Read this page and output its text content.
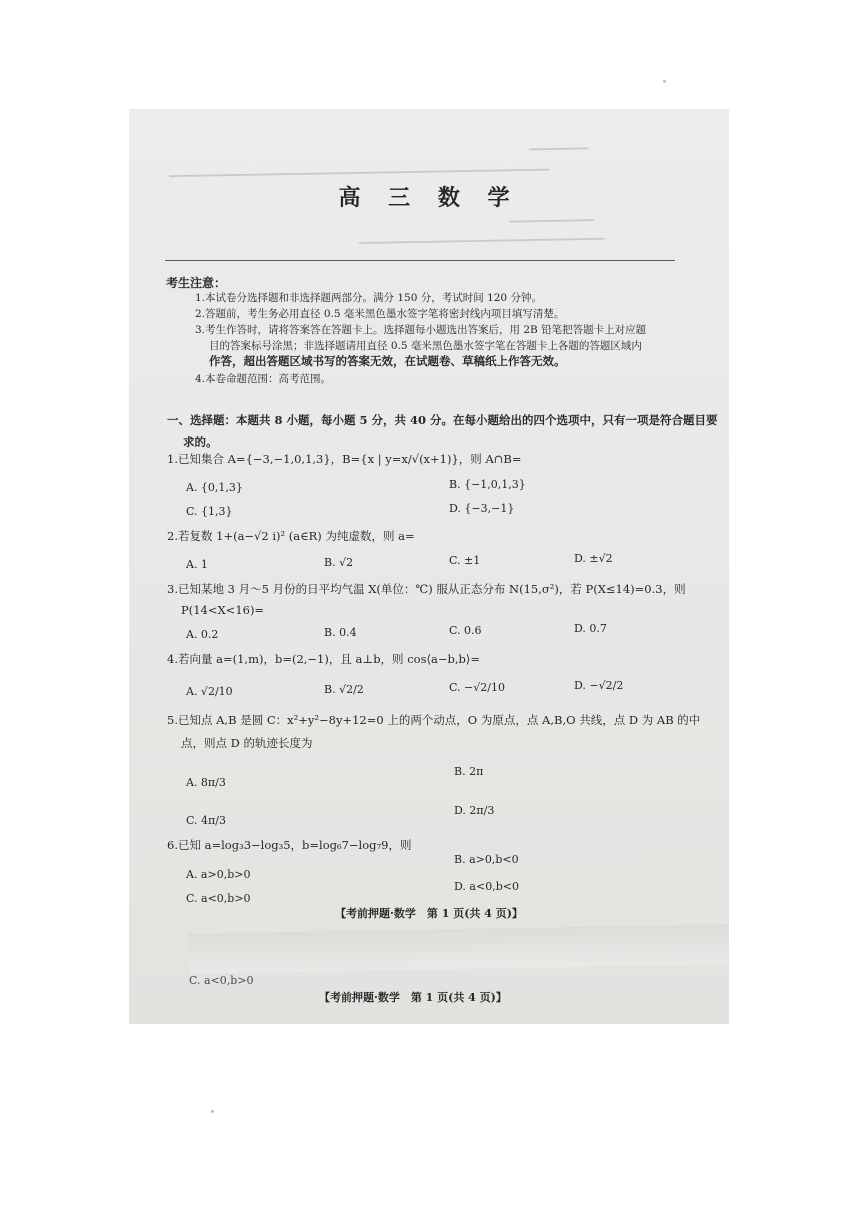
▁▁▁▁▁▁▁
▁▁▁▁▁▁▁▁▁▁▁▁▁▁▁▁▁▁▁▁▁▁▁▁▁▁▁▁▁▁▁▁▁▁▁▁▁▁▁▁▁▁▁▁▁
▁▁▁▁▁▁▁▁▁▁
▁▁▁▁▁▁▁▁▁▁▁▁▁▁▁▁▁▁▁▁▁▁▁▁▁▁▁▁▁
高 三 数 学
考生注意：
1.本试卷分选择题和非选择题两部分。满分 150 分，考试时间 120 分钟。
2.答题前，考生务必用直径 0.5 毫米黑色墨水签字笔将密封线内项目填写清楚。
3.考生作答时，请将答案答在答题卡上。选择题每小题选出答案后，用 2B 铅笔把答题卡上对应题
目的答案标号涂黑；非选择题请用直径 0.5 毫米黑色墨水签字笔在答题卡上各题的答题区域内
作答，超出答题区域书写的答案无效，在试题卷、草稿纸上作答无效。
4.本卷命题范围：高考范围。
一、选择题：本题共 8 小题，每小题 5 分，共 40 分。在每小题给出的四个选项中，只有一项是符合题目要
求的。
1.已知集合 A={−3,−1,0,1,3}，B={x | y=x/√(x+1)}，则 A∩B=
A. {0,1,3}	B. {−1,0,1,3}
C. {1,3}	D. {−3,−1}
2.若复数 1+(a−√2 i)² (a∈R) 为纯虚数，则 a=
A. 1	B. √2	C. ±1	D. ±√2
3.已知某地 3 月～5 月份的日平均气温 X(单位：℃) 服从正态分布 N(15,σ²)，若 P(X≤14)=0.3，则
P(14<X<16)=
A. 0.2	B. 0.4	C. 0.6	D. 0.7
4.若向量 a=(1,m)，b=(2,−1)，且 a⊥b，则 cos⟨a−b,b⟩=
A. √2/10	B. √2/2	C. −√2/10	D. −√2/2
5.已知点 A,B 是圆 C：x²+y²−8y+12=0 上的两个动点，O 为原点，点 A,B,O 共线，点 D 为 AB 的中
点，则点 D 的轨迹长度为
A. 8π/3
B. 2π
C. 4π/3
D. 2π/3
6.已知 a=log₃3−log₃5，b=log₆7−log₇9，则
B. a>0,b<0
A. a>0,b>0
D. a<0,b<0
C. a<0,b>0
【考前押题·数学　第 1 页(共 4 页)】
C. a<0,b>0
【考前押题·数学　第 1 页(共 4 页)】
